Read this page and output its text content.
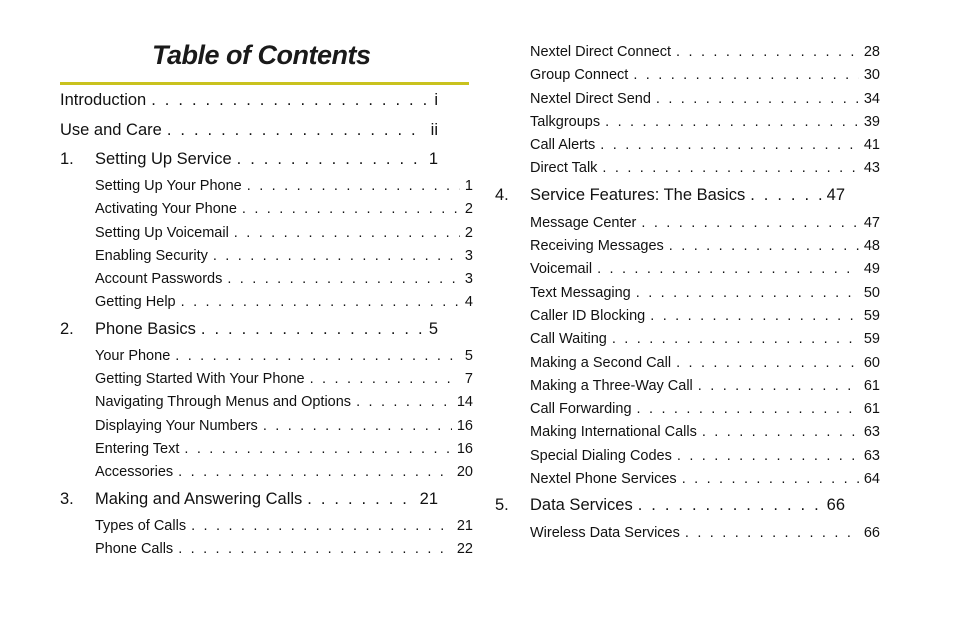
Table of Contents
Introduction . . .	i
Use and Care . . .	ii
1.	Setting Up Service . . .	1
Setting Up Your Phone . . .	1
Activating Your Phone . . .	2
Setting Up Voicemail . . .	2
Enabling Security . . .	3
Account Passwords . . .	3
Getting Help . . .	4
2.	Phone Basics . . .	5
Your Phone . . .	5
Getting Started With Your Phone . . .	7
Navigating Through Menus and Options . . .	14
Displaying Your Numbers . . .	16
Entering Text . . .	16
Accessories . . .	20
3.	Making and Answering Calls . . .	21
Types of Calls . . .	21
Phone Calls . . .	22
Nextel Direct Connect . . .	28
Group Connect . . .	30
Nextel Direct Send . . .	34
Talkgroups . . .	39
Call Alerts . . .	41
Direct Talk . . .	43
4.	Service Features: The Basics . . .	47
Message Center . . .	47
Receiving Messages . . .	48
Voicemail . . .	49
Text Messaging . . .	50
Caller ID Blocking . . .	59
Call Waiting . . .	59
Making a Second Call . . .	60
Making a Three-Way Call . . .	61
Call Forwarding . . .	61
Making International Calls . . .	63
Special Dialing Codes . . .	63
Nextel Phone Services . . .	64
5.	Data Services . . .	66
Wireless Data Services . . .	66
